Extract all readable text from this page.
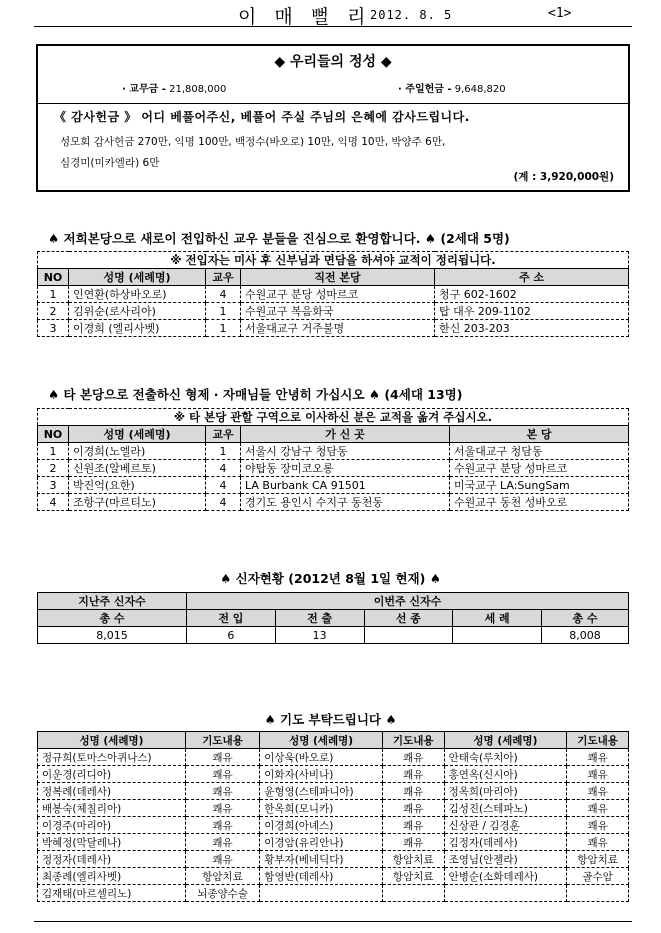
이 매 뻘 리
2012. 8. 5	<1>
◆ 우리들의 정성 ◆
· 교무금 - 21,808,000	· 주일헌금 - 9,648,820
《 감사헌금 》 어디 베풀어주신, 베풀어 주실 주님의 은혜에 감사드립니다.
성모회 감사헌금 270만, 익명 100만, 백정수(바오로) 10만, 익명 10만, 박양주 6만,
심경미(미카엘라) 6만
(계 : 3,920,000원)
♠ 저희본당으로 새로이 전입하신 교우 분들을 진심으로 환영합니다. ♠ (2세대 5명)
※ 전입자는 미사 후 신부님과 면담을 하셔야 교적이 정리됩니다.				
NO	성명 (세례명)	교우	직전 본당	주 소
1	인연환(하상바오로)	4	수원교구 분당 성마르코	청구 602-1602
2	김위순(로사리아)	1	수원교구 복음화국	탑 대우 209-1102
3	이경희 (엘리사벳)	1	서울대교구 거주불명	한신 203-203
♠ 타 본당으로 전출하신 형제 · 자매님들 안녕히 가십시오 ♠ (4세대 13명)
※ 타 본당 관할 구역으로 이사하신 분은 교적을 옮겨 주십시오.				
NO	성명 (세례명)	교우	가 신 곳	본 당
1	이경희(노엘라)	1	서울시 강남구 청담동	서울대교구 청담동
2	신원조(알베르토)	4	야탑동 장미코오롱	수원교구 분당 성마르코
3	박진억(요한)	4	LA Burbank CA 91501	미국교구 LA:SungSam
4	조항구(마르티노)	4	경기도 용인시 수지구 동천동	수원교구 동천 성바오로
♠ 신자현황 (2012년 8월 1일 현재) ♠
지난주 신자수	이번주 신자수				
총 수	전 입	전 출	선 종	세 례	총 수
8,015	6	13			8,008
♠ 기도 부탁드립니다 ♠
성명 (세례명)	기도내용	성명 (세례명)	기도내용	성명 (세례명)	기도내용
정규희(토마스아퀴나스)	쾌유	이상욱(바오로)	쾌유	안태숙(루치아)	쾌유
이운경(리디아)	쾌유	이화자(사비나)	쾌유	홍연옥(신시아)	쾌유
정복례(데레사)	쾌유	윤형영(스테파니아)	쾌유	정옥희(마리아)	쾌유
배봉숙(체칠리아)	쾌유	한옥희(모니카)	쾌유	김성진(스테파노)	쾌유
이경주(마리아)	쾌유	이경희(아녜스)	쾌유	신상관 / 김경훈	쾌유
박혜정(막달레나)	쾌유	이경암(유리안나)	쾌유	김정자(데레사)	쾌유
정정자(데레사)	쾌유	황부자(베네딕다)	항암치료	조영님(안젤라)	항암치료
최종례(엘리사벳)	항암치료	함영반(데레사)	항암치료	안병순(소화데레사)	골수암
김재태(마르셀리노)	뇌종양수술				
